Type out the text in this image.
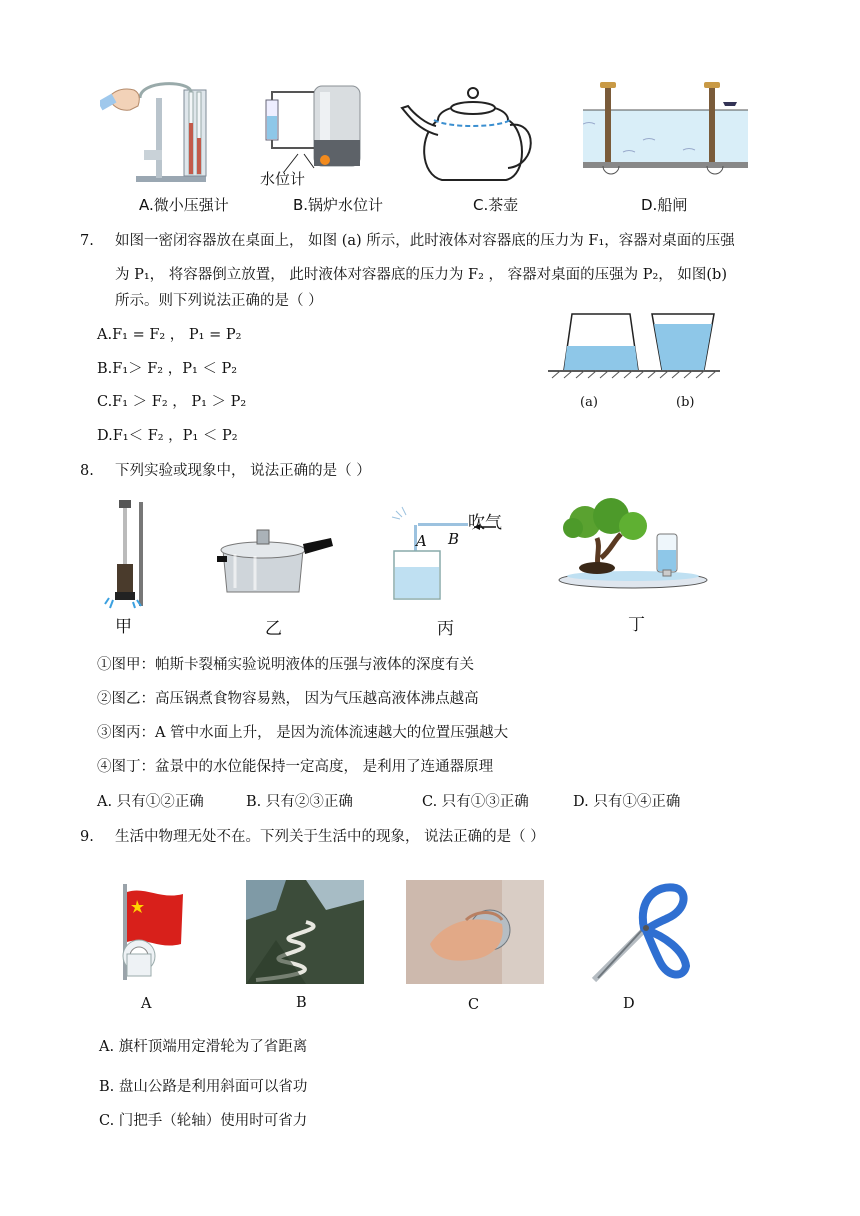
A.微小压强计
水位计
B.锅炉水位计	C.茶壶	D.船闸
7. 如图一密闭容器放在桌面上， 如图 (a) 所示，此时液体对容器底的压力为 F₁，容器对桌面的压强
为 P₁， 将容器倒立放置， 此时液体对容器底的压力为 F₂ ， 容器对桌面的压强为 P₂， 如图(b)
所示。则下列说法正确的是（ ）
A.F₁ = F₂ ， P₁ = P₂
B.F₁＞ F₂ ，P₁ ＜ P₂
C.F₁ ＞ F₂ ， P₁ ＞ P₂
D.F₁＜ F₂ ，P₁ ＜ P₂
(a)	(b)
8. 下列实验或现象中， 说法正确的是（ ）
甲	乙
吹气
A B
丙	丁
①图甲：帕斯卡裂桶实验说明液体的压强与液体的深度有关
②图乙：高压锅煮食物容易熟， 因为气压越高液体沸点越高
③图丙：A 管中水面上升， 是因为流体流速越大的位置压强越大
④图丁：盆景中的水位能保持一定高度， 是利用了连通器原理
A. 只有①②正确	B. 只有②③正确	C. 只有①③正确	D. 只有①④正确
9. 生活中物理无处不在。下列关于生活中的现象， 说法正确的是（ ）
A	B	C	D
A. 旗杆顶端用定滑轮为了省距离
B. 盘山公路是利用斜面可以省功
C. 门把手（轮轴）使用时可省力
